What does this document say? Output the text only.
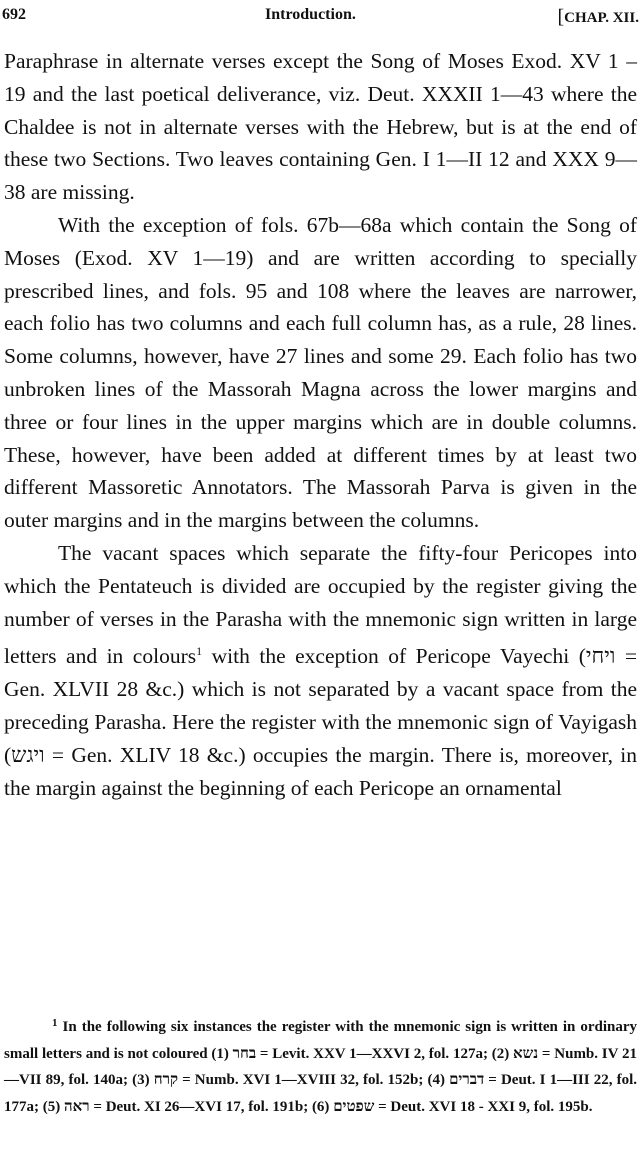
692	Introduction.	[CHAP. XII.

Paraphrase in alternate verses except the Song of Moses Exod. XV 1 – 19 and the last poetical deliverance, viz. Deut. XXXII 1—43 where the Chaldee is not in alternate verses with the Hebrew, but is at the end of these two Sections. Two leaves containing Gen. I 1—II 12 and XXX 9—38 are missing.

With the exception of fols. 67b—68a which contain the Song of Moses (Exod. XV 1—19) and are written according to specially prescribed lines, and fols. 95 and 108 where the leaves are narrower, each folio has two columns and each full column has, as a rule, 28 lines. Some columns, however, have 27 lines and some 29. Each folio has two unbroken lines of the Massorah Magna across the lower margins and three or four lines in the upper margins which are in double columns. These, however, have been added at different times by at least two different Massoretic Annotators. The Massorah Parva is given in the outer margins and in the margins between the columns.

The vacant spaces which separate the fifty-four Pericopes into which the Pentateuch is divided are occupied by the register giving the number of verses in the Parasha with the mnemonic sign written in large letters and in colours$^1$ with the exception of Pericope Vayechi (ויחי = Gen. XLVII 28 &c.) which is not separated by a vacant space from the preceding Parasha. Here the register with the mnemonic sign of Vayigash (ויגש = Gen. XLIV 18 &c.) occupies the margin. There is, moreover, in the margin against the beginning of each Pericope an ornamental

$^1$ In the following six instances the register with the mnemonic sign is written in ordinary small letters and is not coloured (1) בחר = Levit. XXV 1—XXVI 2, fol. 127a; (2) נשא = Numb. IV 21—VII 89, fol. 140a; (3) קרח = Numb. XVI 1—XVIII 32, fol. 152b; (4) דברים = Deut. I 1—III 22, fol. 177a; (5) ראה = Deut. XI 26—XVI 17, fol. 191b; (6) שפטים = Deut. XVI 18 - XXI 9, fol. 195b.
